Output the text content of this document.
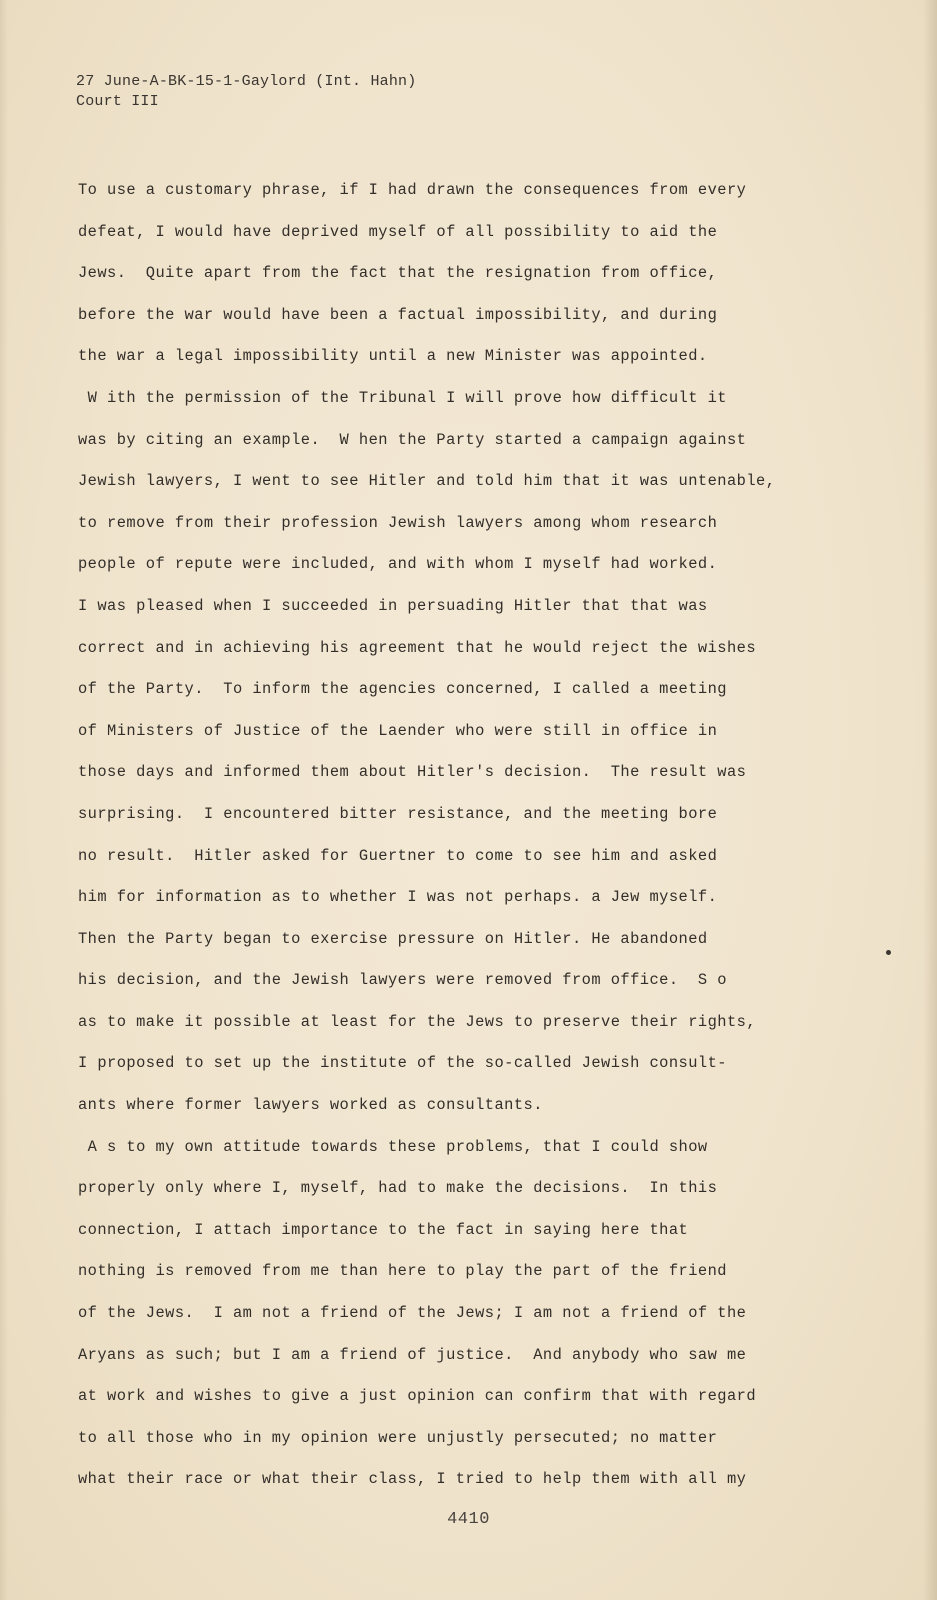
27 June-A-BK-15-1-Gaylord (Int. Hahn)
Court III
To use a customary phrase, if I had drawn the consequences from every
defeat, I would have deprived myself of all possibility to aid the
Jews.  Quite apart from the fact that the resignation from office,
before the war would have been a factual impossibility, and during
the war a legal impossibility until a new Minister was appointed.
W ith the permission of the Tribunal I will prove how difficult it
was by citing an example.  W hen the Party started a campaign against
Jewish lawyers, I went to see Hitler and told him that it was untenable,
to remove from their profession Jewish lawyers among whom research
people of repute were included, and with whom I myself had worked.
I was pleased when I succeeded in persuading Hitler that that was
correct and in achieving his agreement that he would reject the wishes
of the Party.  To inform the agencies concerned, I called a meeting
of Ministers of Justice of the Laender who were still in office in
those days and informed them about Hitler's decision.  The result was
surprising.  I encountered bitter resistance, and the meeting bore
no result.  Hitler asked for Guertner to come to see him and asked
him for information as to whether I was not perhaps. a Jew myself.
Then the Party began to exercise pressure on Hitler. He abandoned
his decision, and the Jewish lawyers were removed from office.  S o
as to make it possible at least for the Jews to preserve their rights,
I proposed to set up the institute of the so-called Jewish consult-
ants where former lawyers worked as consultants.
A s to my own attitude towards these problems, that I could show
properly only where I, myself, had to make the decisions.  In this
connection, I attach importance to the fact in saying here that
nothing is removed from me than here to play the part of the friend
of the Jews.  I am not a friend of the Jews; I am not a friend of the
Aryans as such; but I am a friend of justice.  And anybody who saw me
at work and wishes to give a just opinion can confirm that with regard
to all those who in my opinion were unjustly persecuted; no matter
what their race or what their class, I tried to help them with all my
4410
